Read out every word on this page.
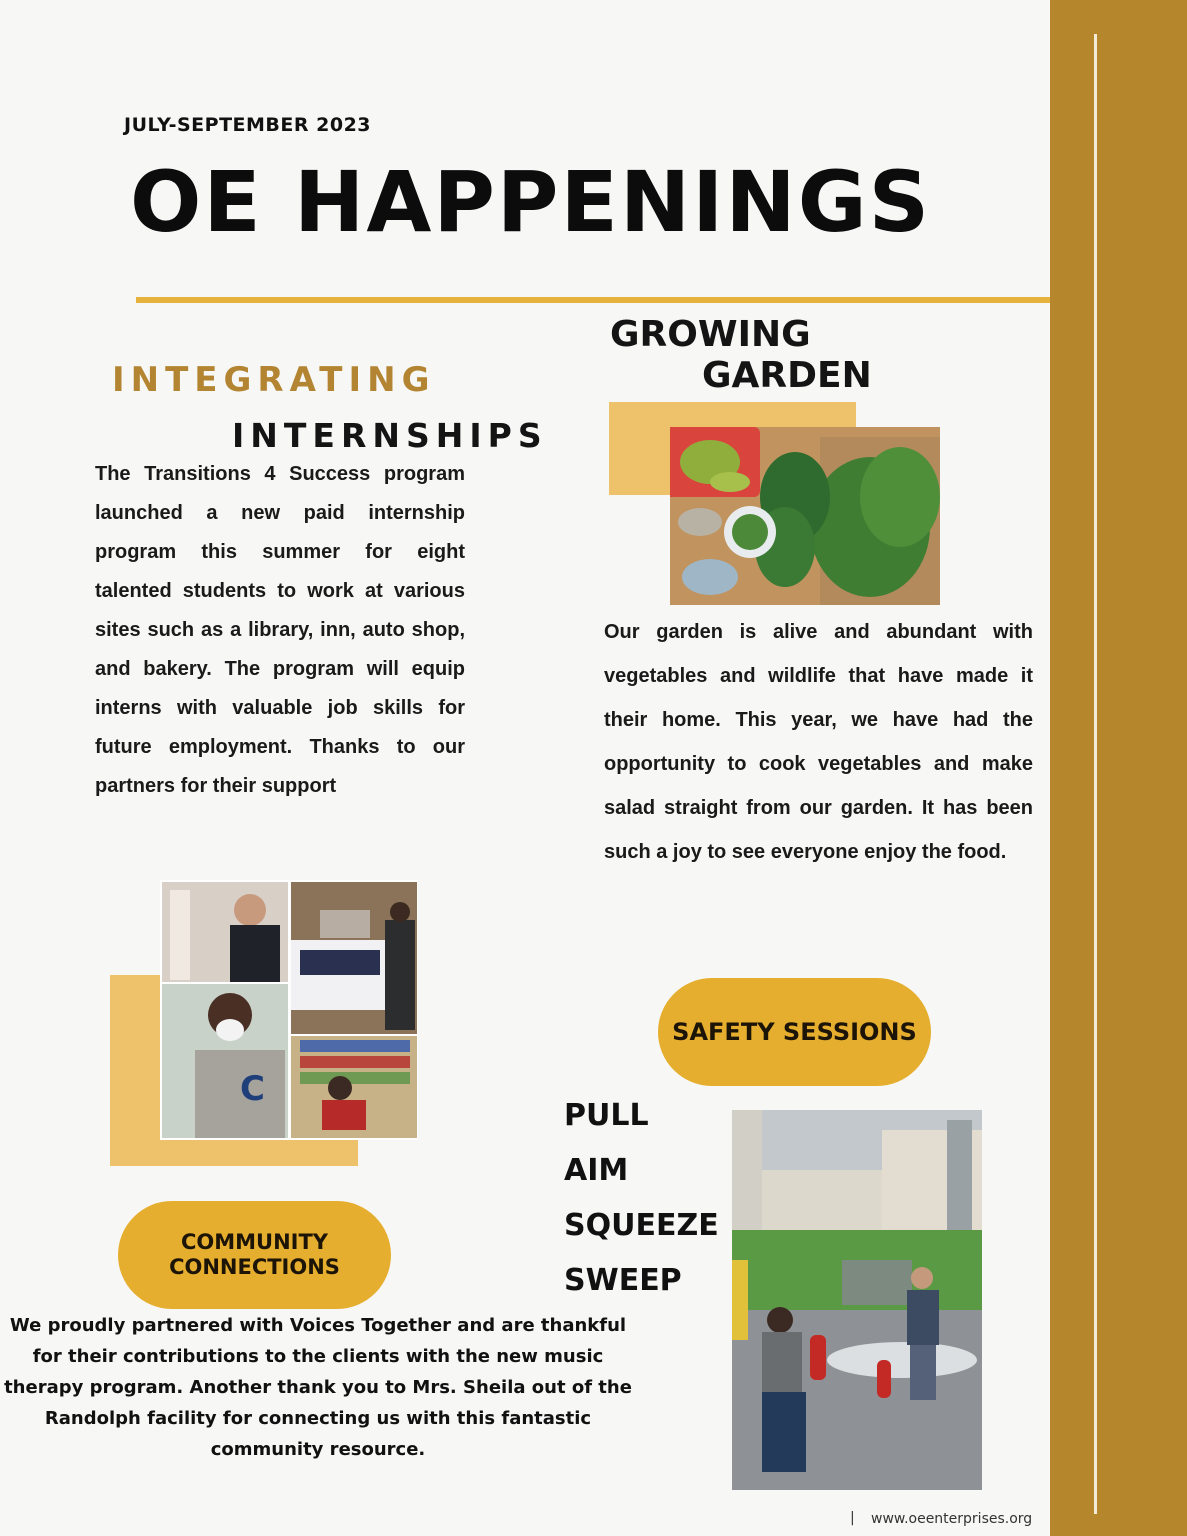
JULY-SEPTEMBER 2023
OE HAPPENINGS
INTEGRATING
INTERNSHIPS
The Transitions 4 Success program launched a new paid internship program this summer for eight talented students to work at various sites such as a library, inn, auto shop, and bakery. The program will equip interns with valuable job skills for future employment. Thanks to our partners for their support
GROWING
GARDEN
Our garden is alive and abundant with vegetables and wildlife that have made it their home. This year, we have had the opportunity to cook vegetables and make salad straight from our garden. It has been such a joy to see everyone enjoy the food.
C
SAFETY SESSIONS
PULL
AIM
SQUEEZE
SWEEP
COMMUNITY
CONNECTIONS
We proudly partnered with Voices Together and are thankful for their contributions to the clients with the new music therapy program. Another thank you to Mrs. Sheila out of the Randolph facility for connecting us with this fantastic community resource.
| www.oeenterprises.org
